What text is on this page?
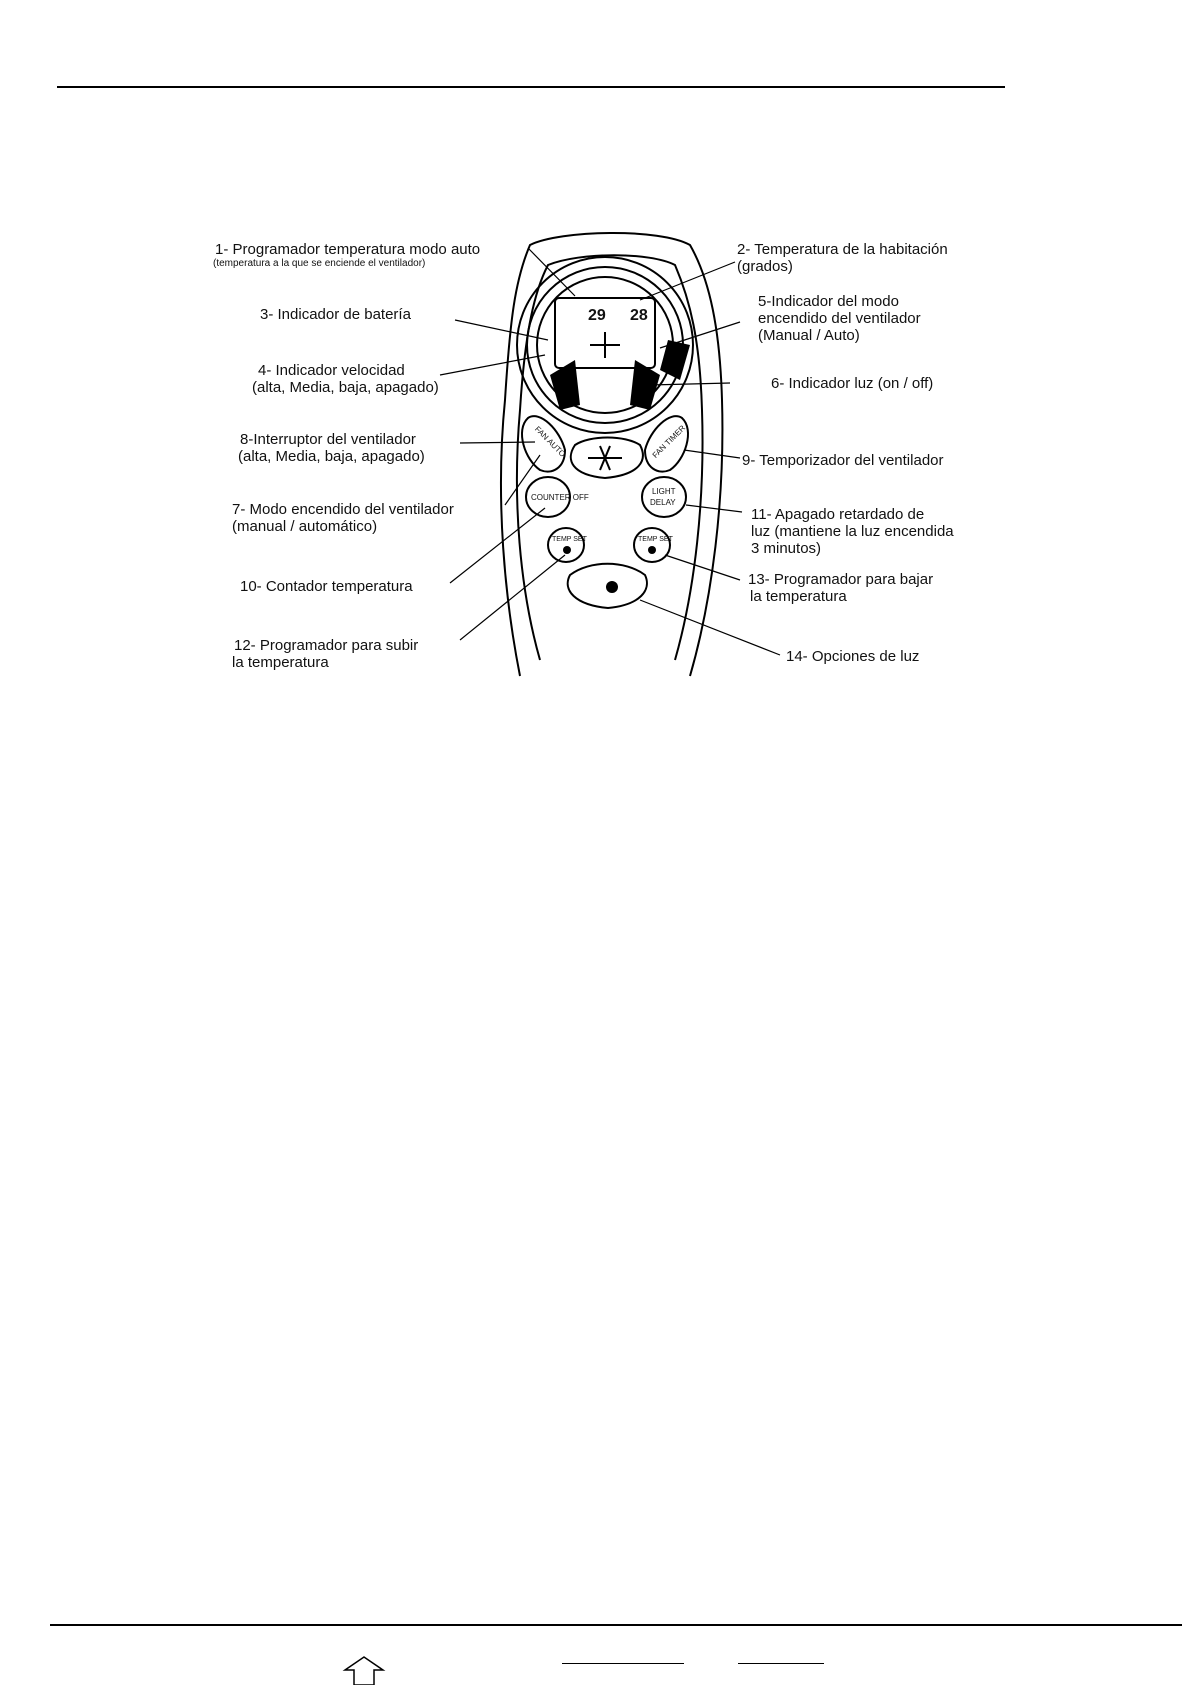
29 28
FAN AUTO	FAN TIMER
COUNTER OFF
LIGHT
DELAY
TEMP SET	TEMP SET
1- Programador temperatura modo auto
(temperatura a la que se enciende el ventilador)
2- Temperatura de la habitación
(grados)
3- Indicador de batería
4- Indicador velocidad
(alta, Media, baja, apagado)
5-Indicador del modo
encendido del ventilador
(Manual / Auto)
6- Indicador luz (on / off)
8-Interruptor del ventilador
(alta, Media, baja, apagado)	9- Temporizador del ventilador
7- Modo encendido del ventilador
(manual / automático)
11- Apagado retardado de
luz (mantiene la luz encendida
3 minutos)
10- Contador temperatura	13- Programador para bajar
la temperatura
12- Programador para subir
la temperatura	14- Opciones de luz
